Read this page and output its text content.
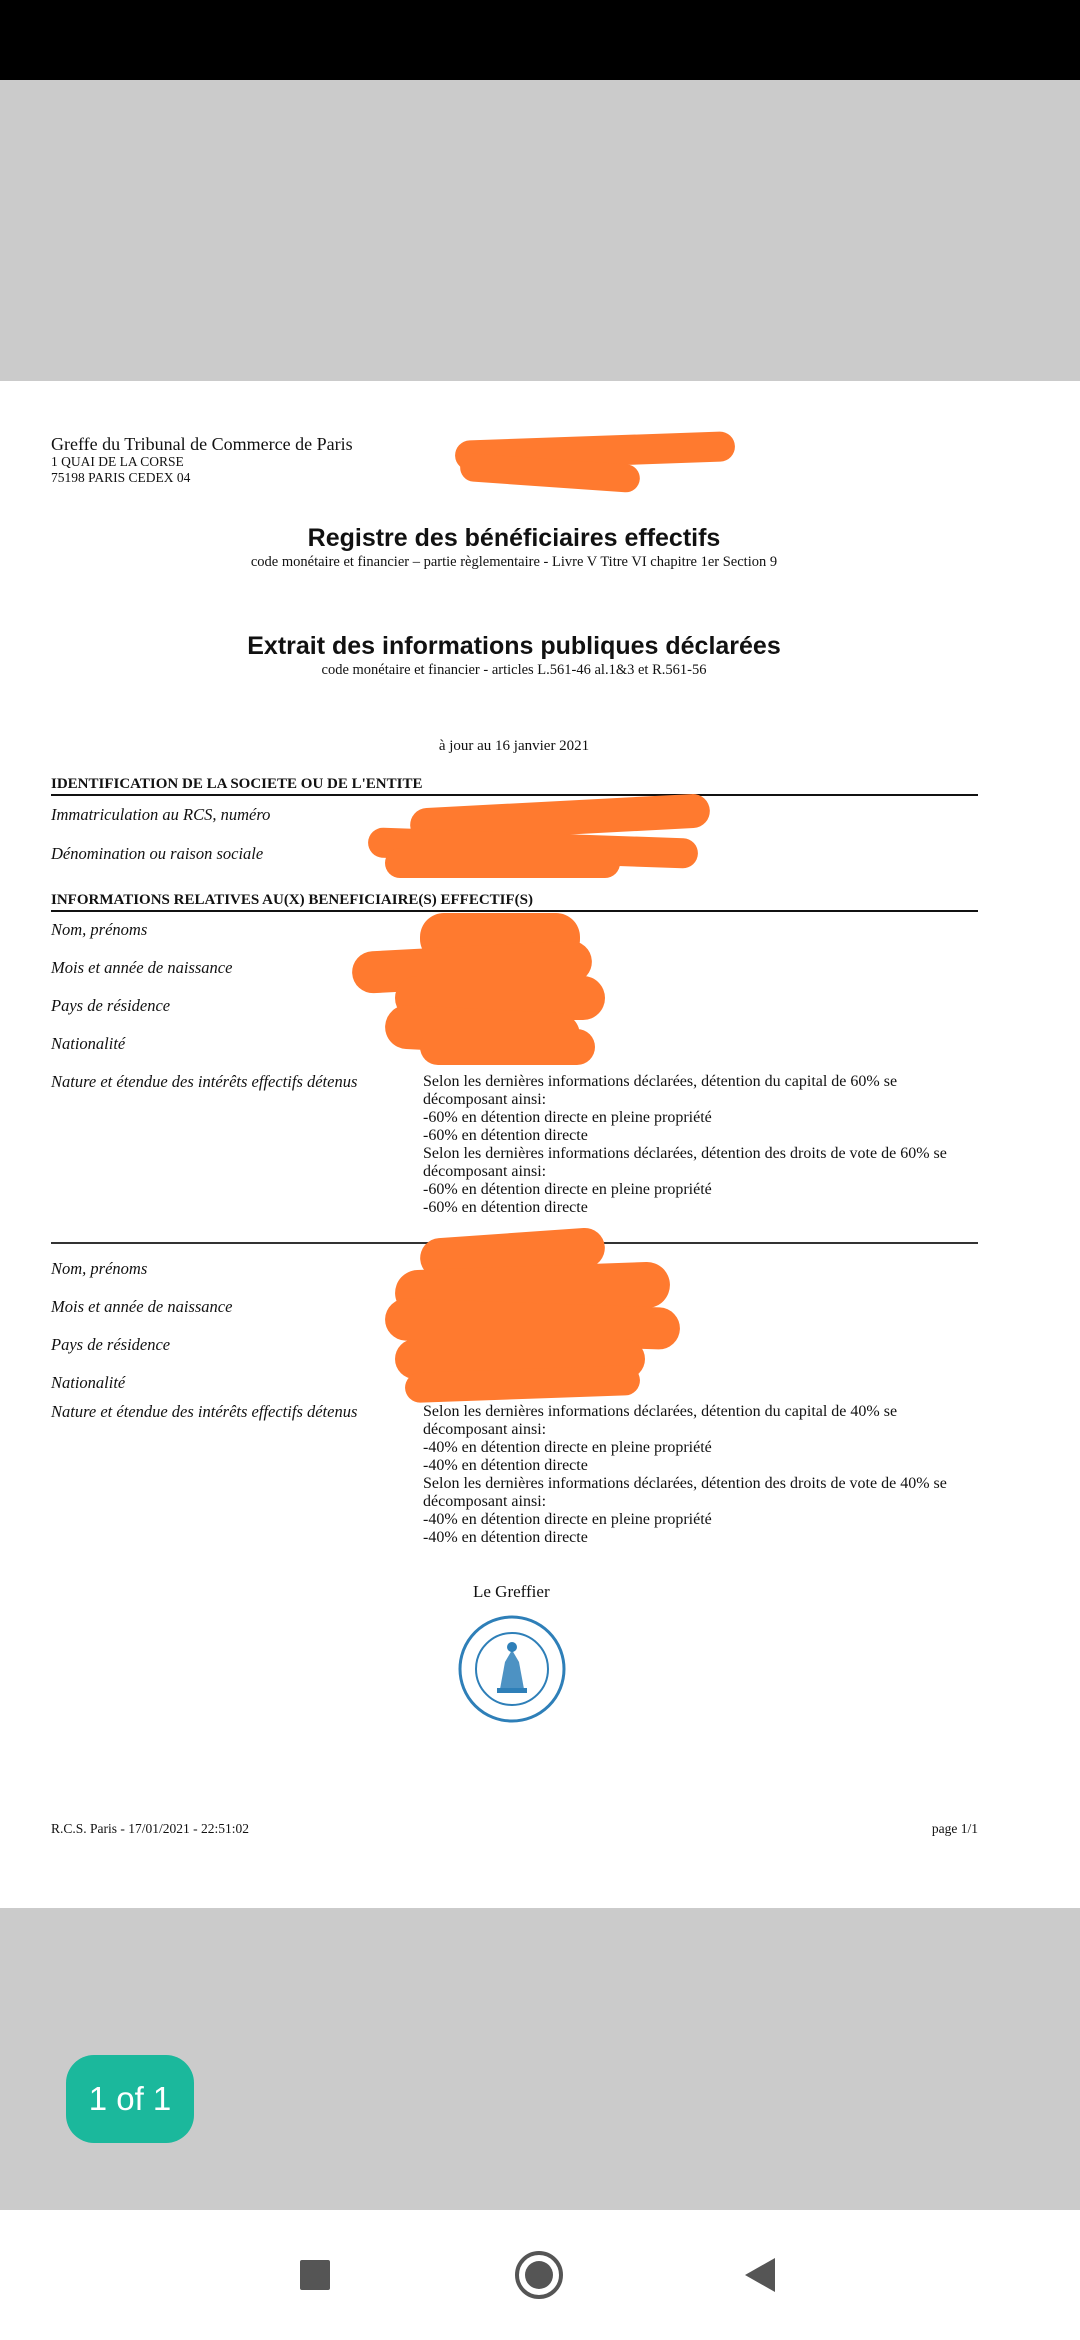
Greffe du Tribunal de Commerce de Paris
1 QUAI DE LA CORSE
75198 PARIS CEDEX 04
Registre des bénéficiaires effectifs
code monétaire et financier – partie règlementaire - Livre V Titre VI chapitre 1er Section 9
Extrait des informations publiques déclarées
code monétaire et financier - articles L.561-46 al.1&3 et R.561-56
à jour au 16 janvier 2021
IDENTIFICATION DE LA SOCIETE OU DE L'ENTITE
Immatriculation au RCS, numéro
Dénomination ou raison sociale
INFORMATIONS RELATIVES AU(X) BENEFICIAIRE(S) EFFECTIF(S)
Nom, prénoms
Mois et année de naissance
Pays de résidence
Nationalité
Nature et étendue des intérêts effectifs détenus	Selon les dernières informations déclarées, détention du capital de 60% se décomposant ainsi:
-60% en détention directe en pleine propriété
-60% en détention directe
Selon les dernières informations déclarées, détention des droits de vote de 60% se décomposant ainsi:
-60% en détention directe en pleine propriété
-60% en détention directe
Nom, prénoms
Mois et année de naissance
Pays de résidence
Nationalité
Nature et étendue des intérêts effectifs détenus	Selon les dernières informations déclarées, détention du capital de 40% se décomposant ainsi:
-40% en détention directe en pleine propriété
-40% en détention directe
Selon les dernières informations déclarées, détention des droits de vote de 40% se décomposant ainsi:
-40% en détention directe en pleine propriété
-40% en détention directe
Le Greffier
R.C.S. Paris - 17/01/2021 - 22:51:02	page 1/1
1 of 1
